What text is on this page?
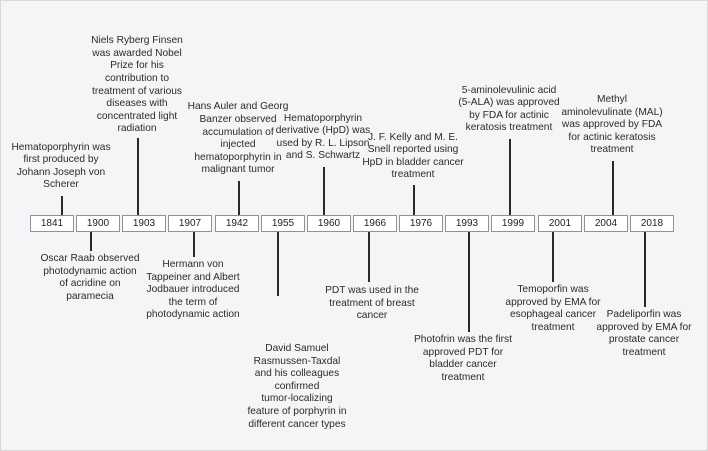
1841	1900	1903	1907	1942	1955	1960	1966	1976	1993	1999	2001	2004	2018
Hematoporphyrin was
first produced by
Johann Joseph von
Scherer
Niels Ryberg Finsen
was awarded Nobel
Prize for his
contribution to
treatment of various
diseases with
concentrated light
radiation
Hans Auler and Georg
Banzer observed
accumulation of
injected
hematoporphyrin in
malignant tumor
Hematoporphyrin
derivative (HpD) was
used by R. L. Lipson
and S. Schwartz
J. F. Kelly and M. E.
Snell reported using
HpD in bladder cancer
treatment
5-aminolevulinic acid
(5-ALA) was approved
by FDA for actinic
keratosis treatment
Methyl
aminolevulinate (MAL)
was approved by FDA
for actinic keratosis
treatment
Oscar Raab observed
photodynamic action
of acridine on
paramecia
Hermann von
Tappeiner and Albert
Jodbauer introduced
the term of
photodynamic action
David Samuel
Rasmussen-Taxdal
and his colleagues
confirmed
tumor-localizing
feature of porphyrin in
different cancer types
PDT was used in the
treatment of breast
cancer
Photofrin was the first
approved PDT for
bladder cancer
treatment
Temoporfin was
approved by EMA for
esophageal cancer
treatment
Padeliporfin was
approved by EMA for
prostate cancer
treatment
